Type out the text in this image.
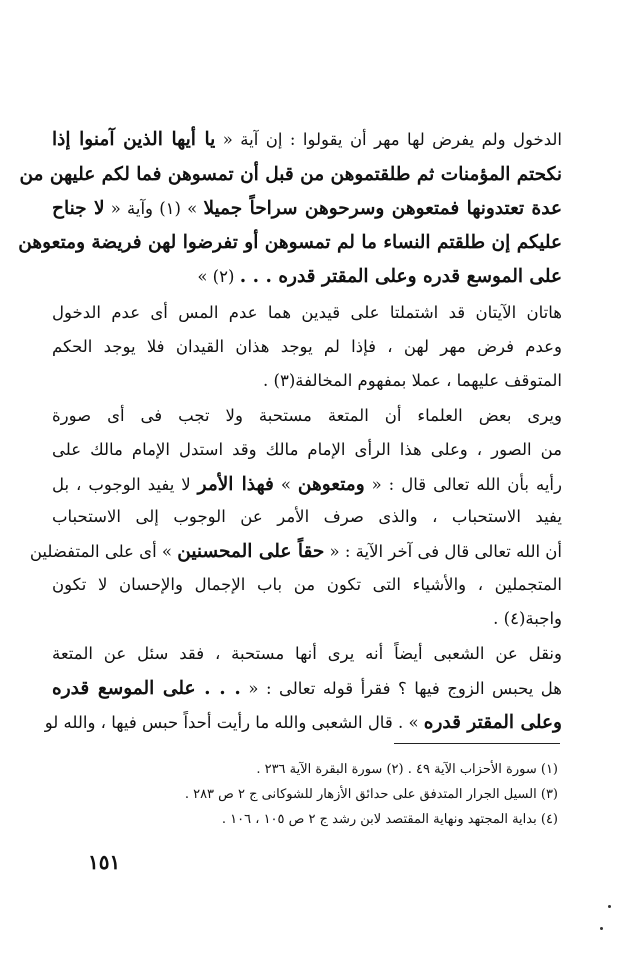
الدخول ولم يفرض لها مهر أن يقولوا : إن آية « يا أيها الذين آمنوا إذا
نكحتم المؤمنات ثم طلقتموهن من قبل أن تمسوهن فما لكم عليهن من
عدة تعتدونها فمتعوهن وسرحوهن سراحاً جميلا » (١) وآية « لا جناح
عليكم إن طلقتم النساء ما لم تمسوهن أو تفرضوا لهن فريضة ومتعوهن
على الموسع قدره وعلى المقتر قدره . . . (٢) »
هاتان الآيتان قد اشتملتا على قيدين هما عدم المس أى عدم الدخول
وعدم فرض مهر لهن ، فإذا لم يوجد هذان القيدان فلا يوجد الحكم
المتوقف عليهما ، عملا بمفهوم المخالفة(٣) .
ويرى بعض العلماء أن المتعة مستحبة ولا تجب فى أى صورة
من الصور ، وعلى هذا الرأى الإمام مالك وقد استدل الإمام مالك على
رأيه بأن الله تعالى قال : « ومتعوهن » فهذا الأمر لا يفيد الوجوب ، بل
يفيد الاستحباب ، والذى صرف الأمر عن الوجوب إلى الاستحباب
أن الله تعالى قال فى آخر الآية : « حقاً على المحسنين » أى على المتفضلين
المتجملين ، والأشياء التى تكون من باب الإجمال والإحسان لا تكون
واجبة(٤) .
ونقل عن الشعبى أيضاً أنه يرى أنها مستحبة ، فقد سئل عن المتعة
هل يحبس الزوج فيها ؟ فقرأ قوله تعالى : « . . . على الموسع قدره
وعلى المقتر قدره » . قال الشعبى والله ما رأيت أحداً حبس فيها ، والله لو
(١) سورة الأحزاب الآية ٤٩ . (٢) سورة البقرة الآية ٢٣٦ .
(٣) السيل الجرار المتدفق على حدائق الأزهار للشوكانى ج ٢ ص ٢٨٣ .
(٤) بداية المجتهد ونهاية المقتصد لابن رشد ج ٢ ص ١٠٥ ، ١٠٦ .
١٥١
